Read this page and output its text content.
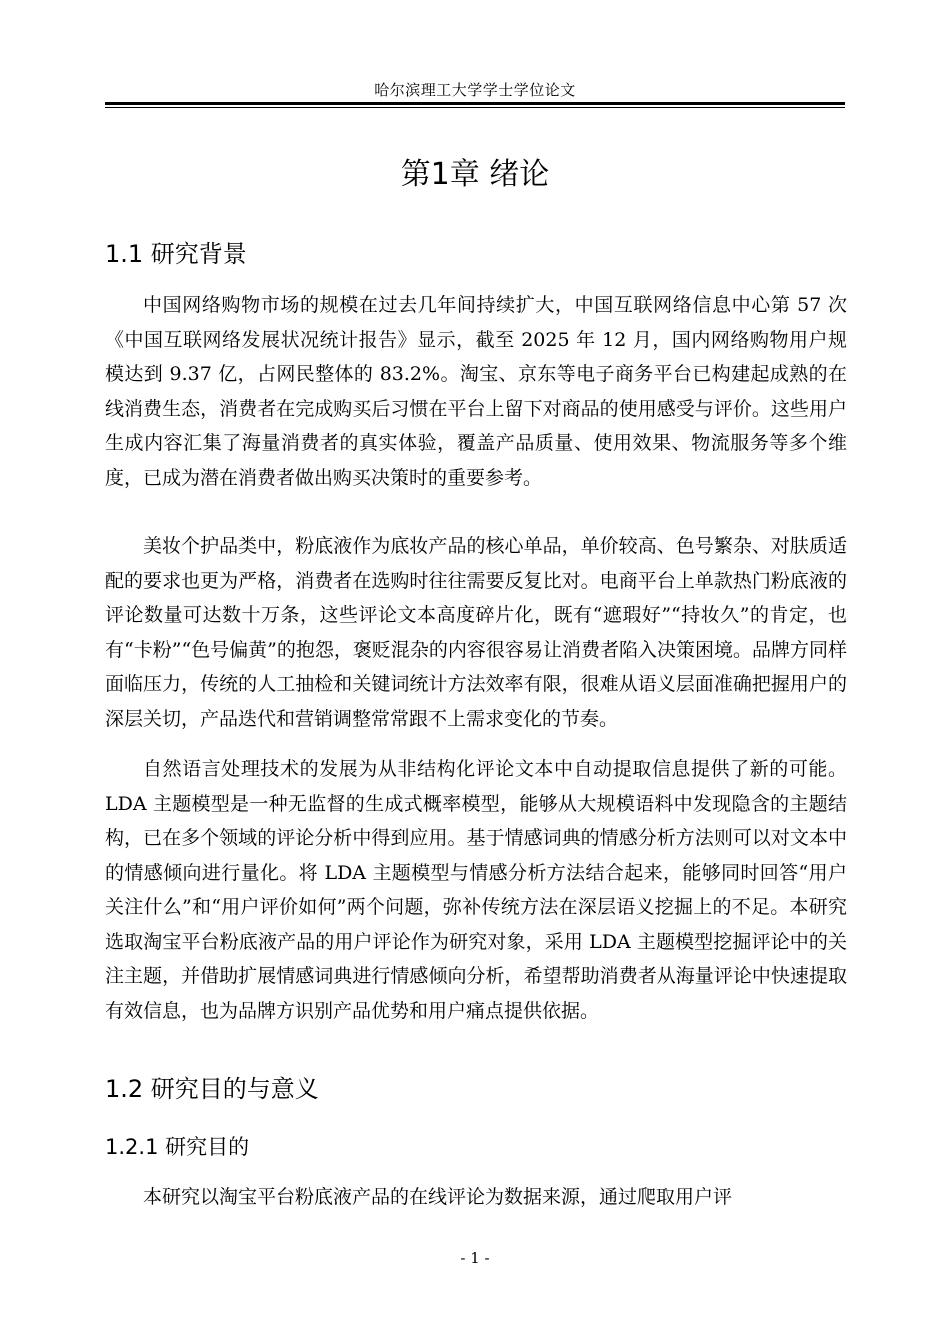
哈尔滨理工大学学士学位论文
第1章 绪论
1.1 研究背景
中国网络购物市场的规模在过去几年间持续扩大，中国互联网络信息中心第 57 次《中国互联网络发展状况统计报告》显示，截至 2025 年 12 月，国内网络购物用户规模达到 9.37 亿，占网民整体的 83.2%。淘宝、京东等电子商务平台已构建起成熟的在线消费生态，消费者在完成购买后习惯在平台上留下对商品的使用感受与评价。这些用户生成内容汇集了海量消费者的真实体验，覆盖产品质量、使用效果、物流服务等多个维度，已成为潜在消费者做出购买决策时的重要参考。
美妆个护品类中，粉底液作为底妆产品的核心单品，单价较高、色号繁杂、对肤质适配的要求也更为严格，消费者在选购时往往需要反复比对。电商平台上单款热门粉底液的评论数量可达数十万条，这些评论文本高度碎片化，既有“遮瑕好”“持妆久”的肯定，也有“卡粉”“色号偏黄”的抱怨，褒贬混杂的内容很容易让消费者陷入决策困境。品牌方同样面临压力，传统的人工抽检和关键词统计方法效率有限，很难从语义层面准确把握用户的深层关切，产品迭代和营销调整常常跟不上需求变化的节奏。
自然语言处理技术的发展为从非结构化评论文本中自动提取信息提供了新的可能。LDA 主题模型是一种无监督的生成式概率模型，能够从大规模语料中发现隐含的主题结构，已在多个领域的评论分析中得到应用。基于情感词典的情感分析方法则可以对文本中的情感倾向进行量化。将 LDA 主题模型与情感分析方法结合起来，能够同时回答“用户关注什么”和“用户评价如何”两个问题，弥补传统方法在深层语义挖掘上的不足。本研究选取淘宝平台粉底液产品的用户评论作为研究对象，采用 LDA 主题模型挖掘评论中的关注主题，并借助扩展情感词典进行情感倾向分析，希望帮助消费者从海量评论中快速提取有效信息，也为品牌方识别产品优势和用户痛点提供依据。
1.2 研究目的与意义
1.2.1 研究目的
本研究以淘宝平台粉底液产品的在线评论为数据来源，通过爬取用户评
- 1 -
